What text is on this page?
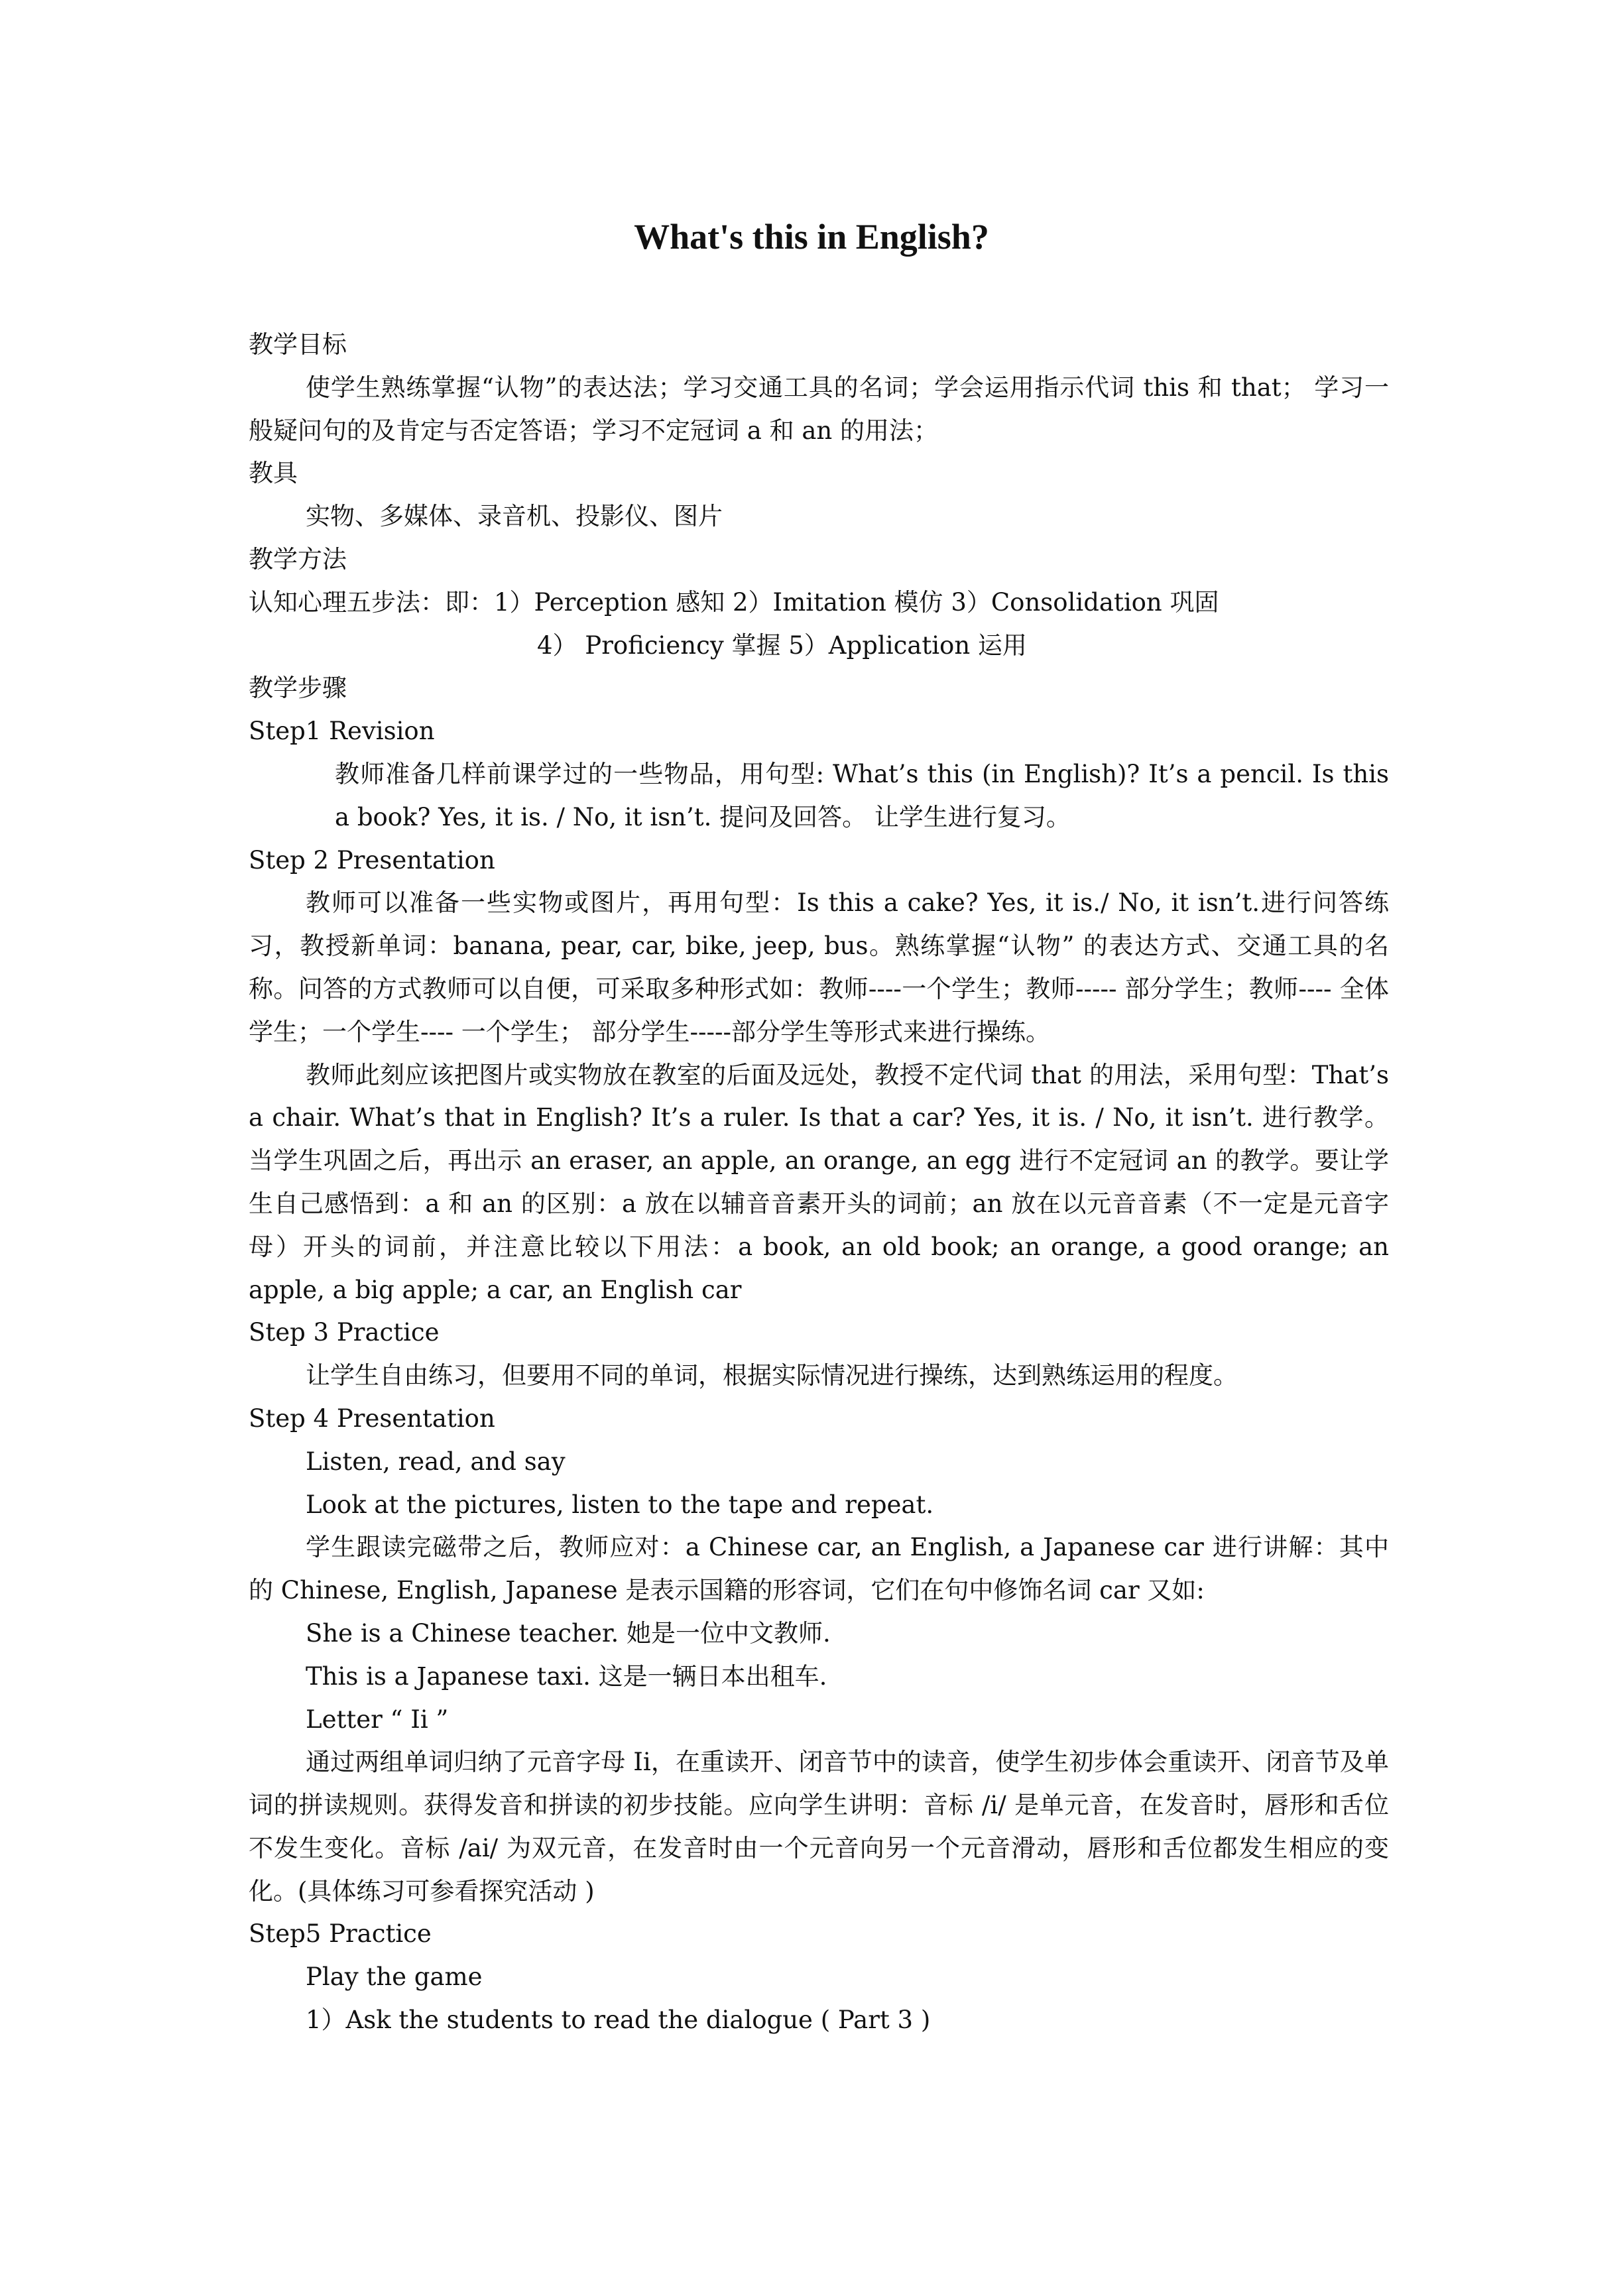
What's this in English?
教学目标

使学生熟练掌握“认物”的表达法；学习交通工具的名词；学会运用指示代词 this 和 that； 学习一般疑问句的及肯定与否定答语；学习不定冠词 a 和 an 的用法；

教具
实物、多媒体、录音机、投影仪、图片
教学方法
认知心理五步法：即：1）Perception 感知 2）Imitation 模仿 3）Consolidation 巩固
4） Proficiency 掌握 5）Application 运用
教学步骤
Step1 Revision

教师准备几样前课学过的一些物品，用句型: What’s this (in English)? It’s a pencil. Is this a book? Yes, it is. / No, it isn’t. 提问及回答。 让学生进行复习。

Step 2 Presentation

教师可以准备一些实物或图片，再用句型：Is this a cake? Yes, it is./ No, it isn’t.进行问答练习，教授新单词：banana, pear, car, bike, jeep, bus。熟练掌握“认物” 的表达方式、交通工具的名称。问答的方式教师可以自便，可采取多种形式如：教师----一个学生；教师----- 部分学生；教师---- 全体学生；一个学生---- 一个学生； 部分学生-----部分学生等形式来进行操练。

教师此刻应该把图片或实物放在教室的后面及远处，教授不定代词 that 的用法，采用句型：That’s a chair. What’s that in English? It’s a ruler. Is that a car? Yes, it is. / No, it isn’t. 进行教学。 当学生巩固之后，再出示 an eraser, an apple, an orange, an egg 进行不定冠词 an 的教学。要让学生自己感悟到：a 和 an 的区别：a 放在以辅音音素开头的词前；an 放在以元音音素（不一定是元音字母）开头的词前，并注意比较以下用法：a book, an old book; an orange, a good orange; an apple, a big apple; a car, an English car

Step 3 Practice

让学生自由练习，但要用不同的单词，根据实际情况进行操练，达到熟练运用的程度。

Step 4 Presentation
Listen, read, and say
Look at the pictures, listen to the tape and repeat.

学生跟读完磁带之后，教师应对：a Chinese car, an English, a Japanese car 进行讲解：其中的 Chinese, English, Japanese 是表示国籍的形容词，它们在句中修饰名词 car 又如:

She is a Chinese teacher. 她是一位中文教师.
This is a Japanese taxi. 这是一辆日本出租车.
Letter “ Ii ”

通过两组单词归纳了元音字母 Ii，在重读开、闭音节中的读音，使学生初步体会重读开、闭音节及单词的拼读规则。获得发音和拼读的初步技能。应向学生讲明：音标 /i/ 是单元音，在发音时，唇形和舌位不发生变化。音标 /ai/ 为双元音，在发音时由一个元音向另一个元音滑动，唇形和舌位都发生相应的变化。(具体练习可参看探究活动 )

Step5 Practice
Play the game
1）Ask the students to read the dialogue ( Part 3 )
